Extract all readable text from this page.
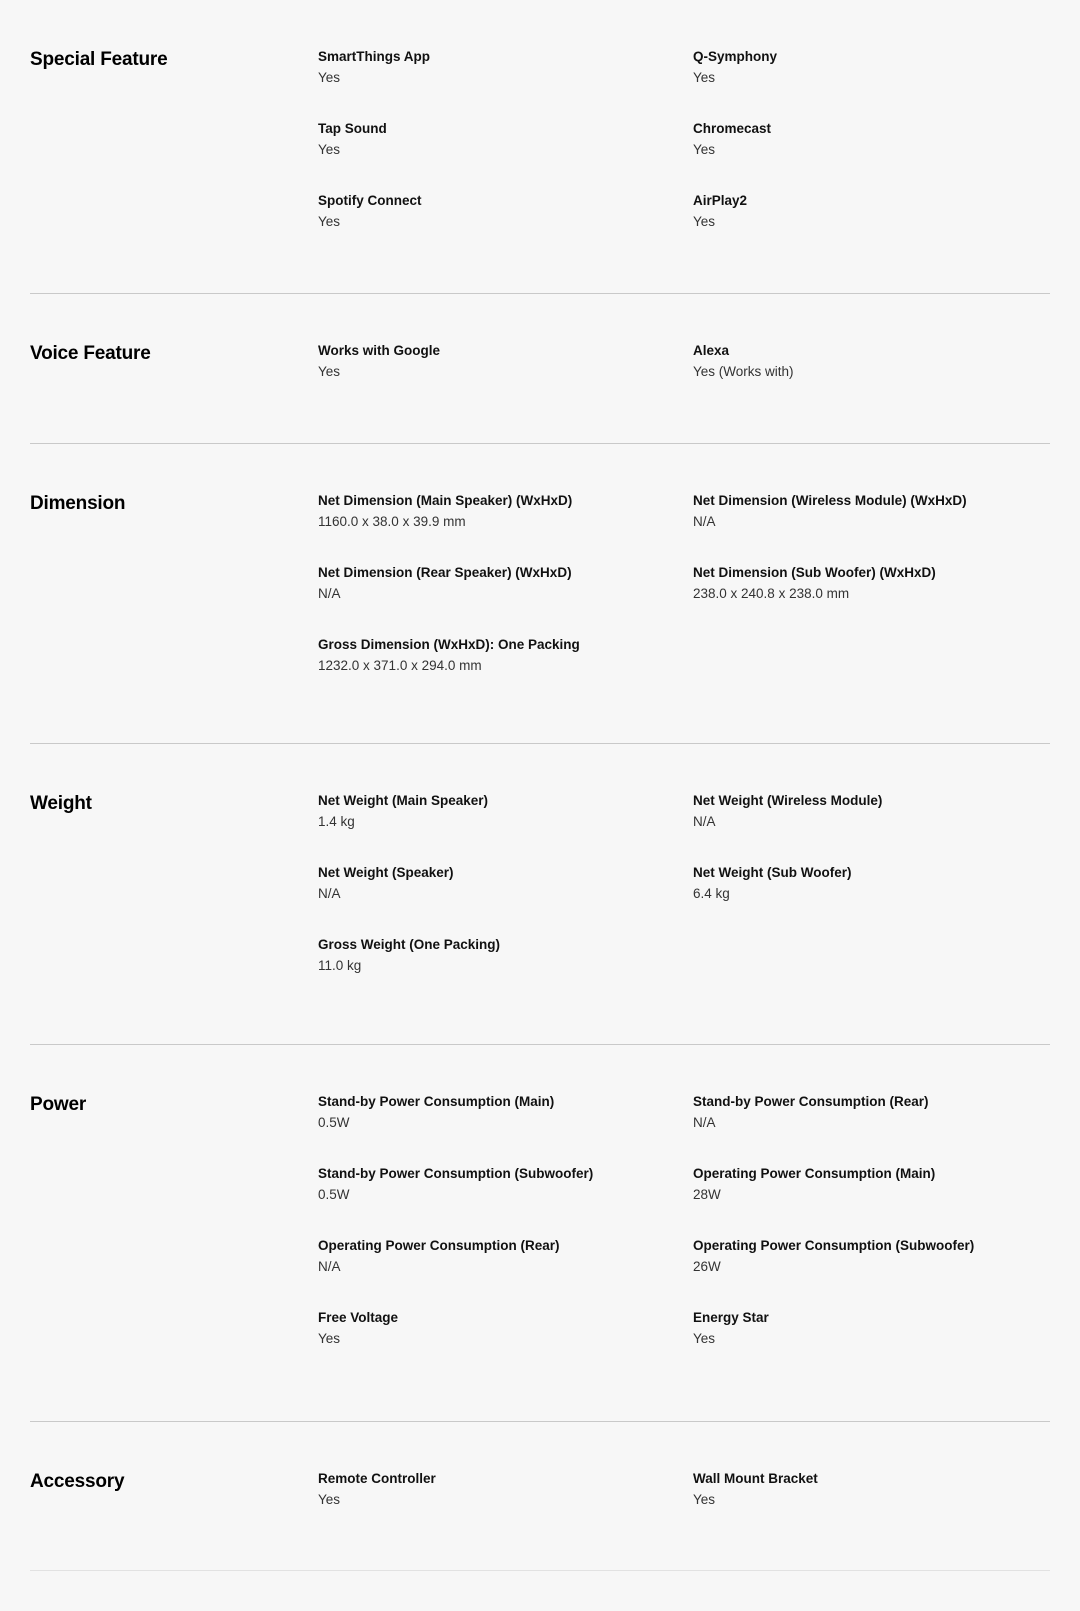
Special Feature	SmartThings App
Yes
Q-Symphony
Yes
Tap Sound
Yes
Chromecast
Yes
Spotify Connect
Yes
AirPlay2
Yes
Voice Feature	Works with Google
Yes
Alexa
Yes (Works with)
Dimension	Net Dimension (Main Speaker) (WxHxD)
1160.0 x 38.0 x 39.9 mm
Net Dimension (Wireless Module) (WxHxD)
N/A
Net Dimension (Rear Speaker) (WxHxD)
N/A
Net Dimension (Sub Woofer) (WxHxD)
238.0 x 240.8 x 238.0 mm
Gross Dimension (WxHxD): One Packing
1232.0 x 371.0 x 294.0 mm
Weight	Net Weight (Main Speaker)
1.4 kg
Net Weight (Wireless Module)
N/A
Net Weight (Speaker)
N/A
Net Weight (Sub Woofer)
6.4 kg
Gross Weight (One Packing)
11.0 kg
Power	Stand-by Power Consumption (Main)
0.5W
Stand-by Power Consumption (Rear)
N/A
Stand-by Power Consumption (Subwoofer)
0.5W
Operating Power Consumption (Main)
28W
Operating Power Consumption (Rear)
N/A
Operating Power Consumption (Subwoofer)
26W
Free Voltage
Yes
Energy Star
Yes
Accessory	Remote Controller
Yes
Wall Mount Bracket
Yes
